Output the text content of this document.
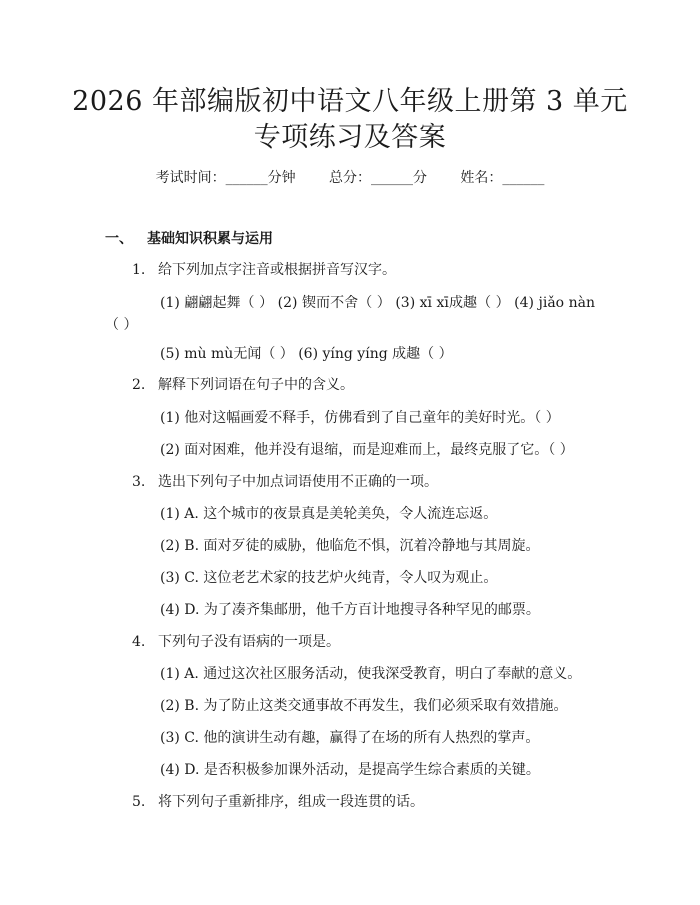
2026 年部编版初中语文八年级上册第 3 单元
专项练习及答案
考试时间：______分钟 总分：______分 姓名：______
一、 基础知识积累与运用
1. 给下列加点字注音或根据拼音写汉字。
(1) 翩翩起舞（ ） (2) 锲而不舍（ ） (3) xī xī成趣（ ） (4) jiǎo nàn（ ）
(5) mù mù无闻（ ） (6) yíng yíng 成趣（ ）
2. 解释下列词语在句子中的含义。
(1) 他对这幅画爱不释手，仿佛看到了自己童年的美好时光。（ ）
(2) 面对困难，他并没有退缩，而是迎难而上，最终克服了它。（ ）
3. 选出下列句子中加点词语使用不正确的一项。
(1) A. 这个城市的夜景真是美轮美奂，令人流连忘返。
(2) B. 面对歹徒的威胁，他临危不惧，沉着冷静地与其周旋。
(3) C. 这位老艺术家的技艺炉火纯青，令人叹为观止。
(4) D. 为了凑齐集邮册，他千方百计地搜寻各种罕见的邮票。
4. 下列句子没有语病的一项是。
(1) A. 通过这次社区服务活动，使我深受教育，明白了奉献的意义。
(2) B. 为了防止这类交通事故不再发生，我们必须采取有效措施。
(3) C. 他的演讲生动有趣，赢得了在场的所有人热烈的掌声。
(4) D. 是否积极参加课外活动，是提高学生综合素质的关键。
5. 将下列句子重新排序，组成一段连贯的话。
